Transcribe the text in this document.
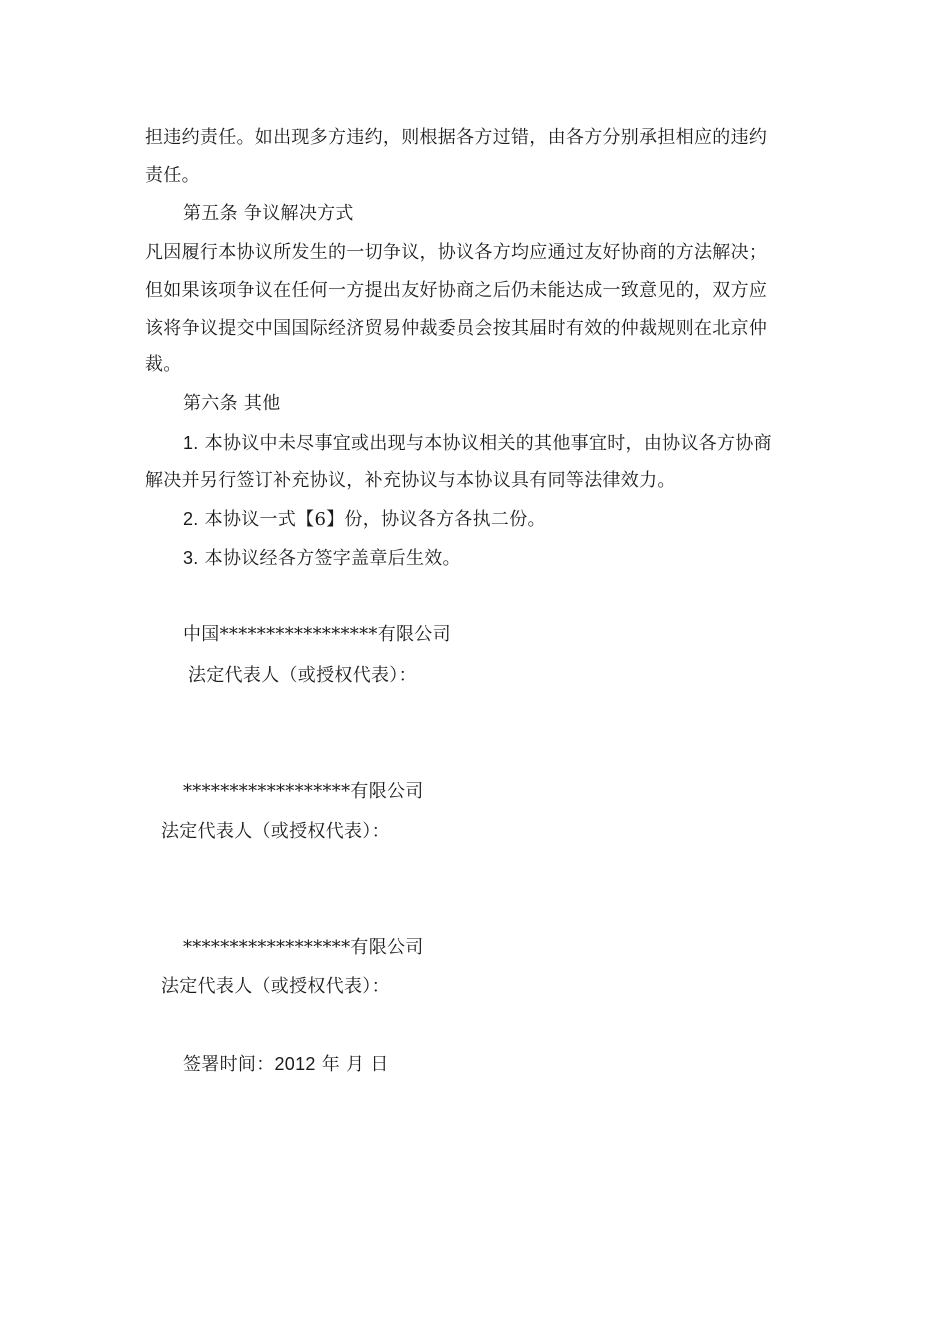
担违约责任。如出现多方违约，则根据各方过错，由各方分别承担相应的违约
责任。
第五条 争议解决方式
凡因履行本协议所发生的一切争议，协议各方均应通过友好协商的方法解决；
但如果该项争议在任何一方提出友好协商之后仍未能达成一致意见的，双方应
该将争议提交中国国际经济贸易仲裁委员会按其届时有效的仲裁规则在北京仲
裁。
第六条 其他
1. 本协议中未尽事宜或出现与本协议相关的其他事宜时，由协议各方协商
解决并另行签订补充协议，补充协议与本协议具有同等法律效力。
2. 本协议一式【6】份，协议各方各执二份。
3. 本协议经各方签字盖章后生效。
中国*****************有限公司
法定代表人（或授权代表）：
******************有限公司
法定代表人（或授权代表）：
******************有限公司
法定代表人（或授权代表）：
签署时间：2012 年 月 日
